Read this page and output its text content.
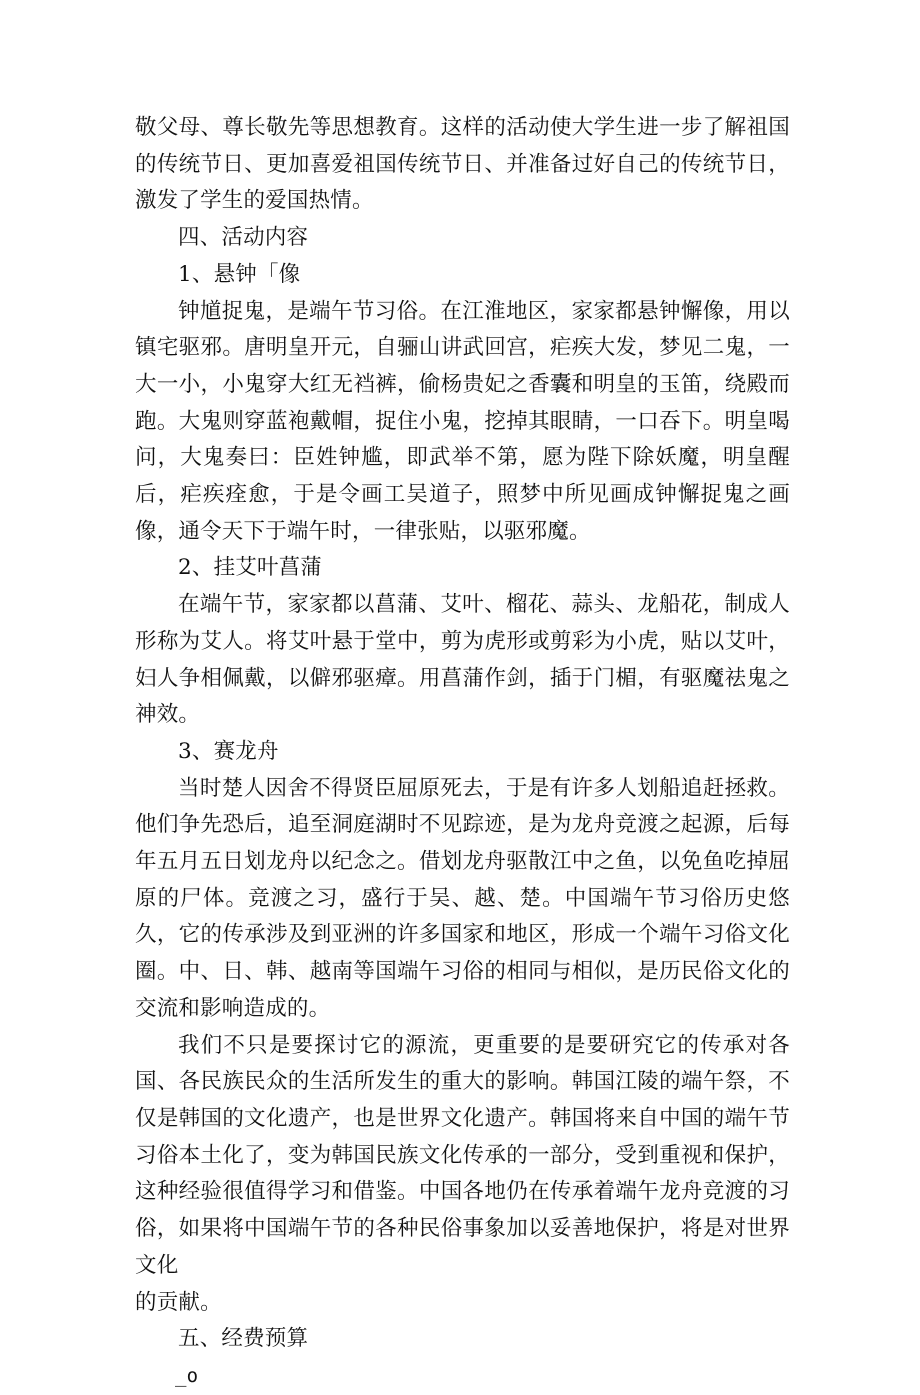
敬父母、尊长敬先等思想教育。这样的活动使大学生进一步了解祖国的传统节日、更加喜爱祖国传统节日、并准备过好自己的传统节日，激发了学生的爱国热情。

四、活动内容

1、悬钟「像

钟馗捉鬼，是端午节习俗。在江淮地区，家家都悬钟懈像，用以镇宅驱邪。唐明皇开元，自骊山讲武回宫，疟疾大发，梦见二鬼，一大一小，小鬼穿大红无裆裤，偷杨贵妃之香囊和明皇的玉笛，绕殿而跑。大鬼则穿蓝袍戴帽，捉住小鬼，挖掉其眼睛，一口吞下。明皇喝问，大鬼奏曰：臣姓钟尴，即武举不第，愿为陛下除妖魔，明皇醒后，疟疾痊愈，于是令画工吴道子，照梦中所见画成钟懈捉鬼之画像，通令天下于端午时，一律张贴，以驱邪魔。

2、挂艾叶菖蒲

在端午节，家家都以菖蒲、艾叶、榴花、蒜头、龙船花，制成人形称为艾人。将艾叶悬于堂中，剪为虎形或剪彩为小虎，贴以艾叶，妇人争相佩戴，以僻邪驱瘴。用菖蒲作剑，插于门楣，有驱魔祛鬼之神效。

3、赛龙舟

当时楚人因舍不得贤臣屈原死去，于是有许多人划船追赶拯救。他们争先恐后，追至洞庭湖时不见踪迹，是为龙舟竞渡之起源，后每年五月五日划龙舟以纪念之。借划龙舟驱散江中之鱼，以免鱼吃掉屈原的尸体。竞渡之习，盛行于吴、越、楚。中国端午节习俗历史悠久，它的传承涉及到亚洲的许多国家和地区，形成一个端午习俗文化圈。中、日、韩、越南等国端午习俗的相同与相似，是历民俗文化的交流和影响造成的。

我们不只是要探讨它的源流，更重要的是要研究它的传承对各国、各民族民众的生活所发生的重大的影响。韩国江陵的端午祭，不仅是韩国的文化遗产，也是世界文化遗产。韩国将来自中国的端午节习俗本土化了，变为韩国民族文化传承的一部分，受到重视和保护，这种经验很值得学习和借鉴。中国各地仍在传承着端午龙舟竞渡的习俗，如果将中国端午节的各种民俗事象加以妥善地保护，将是对世界文化

的贡献。

五、经费预算

_o
